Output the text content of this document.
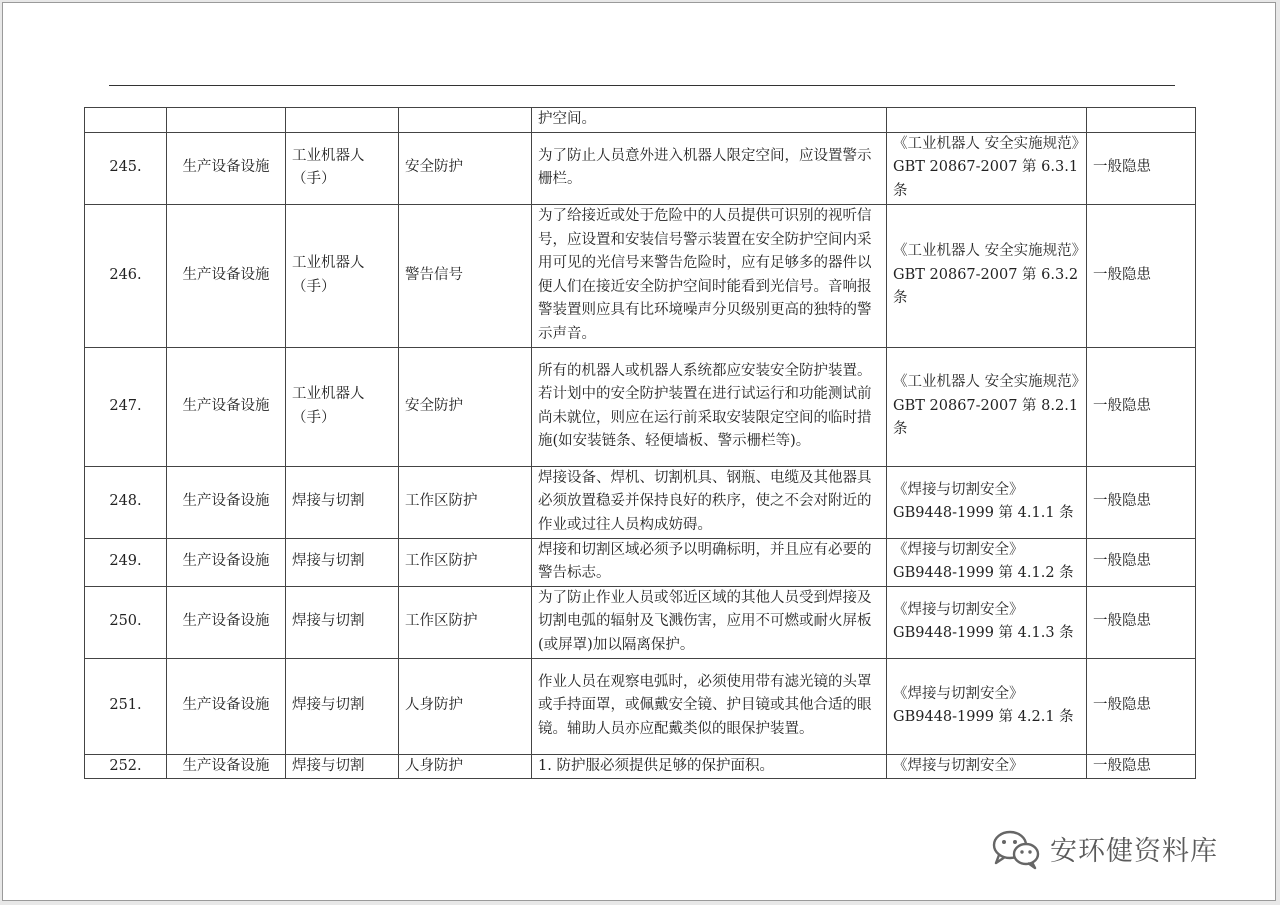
				护空间。		
245.	生产设备设施	工业机器人（手）	安全防护	为了防止人员意外进入机器人限定空间，应设置警示栅栏。	《工业机器人 安全实施规范》GBT 20867-2007 第 6.3.1 条	一般隐患
246.	生产设备设施	工业机器人（手）	警告信号	为了给接近或处于危险中的人员提供可识别的视听信号，应设置和安装信号警示装置在安全防护空间内采用可见的光信号来警告危险时，应有足够多的器件以便人们在接近安全防护空间时能看到光信号。音响报警装置则应具有比环境噪声分贝级别更高的独特的警示声音。	《工业机器人 安全实施规范》GBT 20867-2007 第 6.3.2 条	一般隐患
247.	生产设备设施	工业机器人（手）	安全防护	所有的机器人或机器人系统都应安装安全防护装置。若计划中的安全防护装置在进行试运行和功能测试前尚未就位，则应在运行前采取安装限定空间的临时措施(如安装链条、轻便墙板、警示栅栏等)。	《工业机器人 安全实施规范》GBT 20867-2007 第 8.2.1 条	一般隐患
248.	生产设备设施	焊接与切割	工作区防护	焊接设备、焊机、切割机具、钢瓶、电缆及其他器具必须放置稳妥并保持良好的秩序，使之不会对附近的作业或过往人员构成妨碍。	《焊接与切割安全》GB9448-1999 第 4.1.1 条	一般隐患
249.	生产设备设施	焊接与切割	工作区防护	焊接和切割区域必须予以明确标明，并且应有必要的警告标志。	《焊接与切割安全》GB9448-1999 第 4.1.2 条	一般隐患
250.	生产设备设施	焊接与切割	工作区防护	为了防止作业人员或邻近区域的其他人员受到焊接及切割电弧的辐射及飞溅伤害，应用不可燃或耐火屏板(或屏罩)加以隔离保护。	《焊接与切割安全》GB9448-1999 第 4.1.3 条	一般隐患
251.	生产设备设施	焊接与切割	人身防护	作业人员在观察电弧时，必须使用带有滤光镜的头罩或手持面罩，或佩戴安全镜、护目镜或其他合适的眼镜。辅助人员亦应配戴类似的眼保护装置。	《焊接与切割安全》GB9448-1999 第 4.2.1 条	一般隐患
252.	生产设备设施	焊接与切割	人身防护	1. 防护服必须提供足够的保护面积。	《焊接与切割安全》	一般隐患
安环健资料库
